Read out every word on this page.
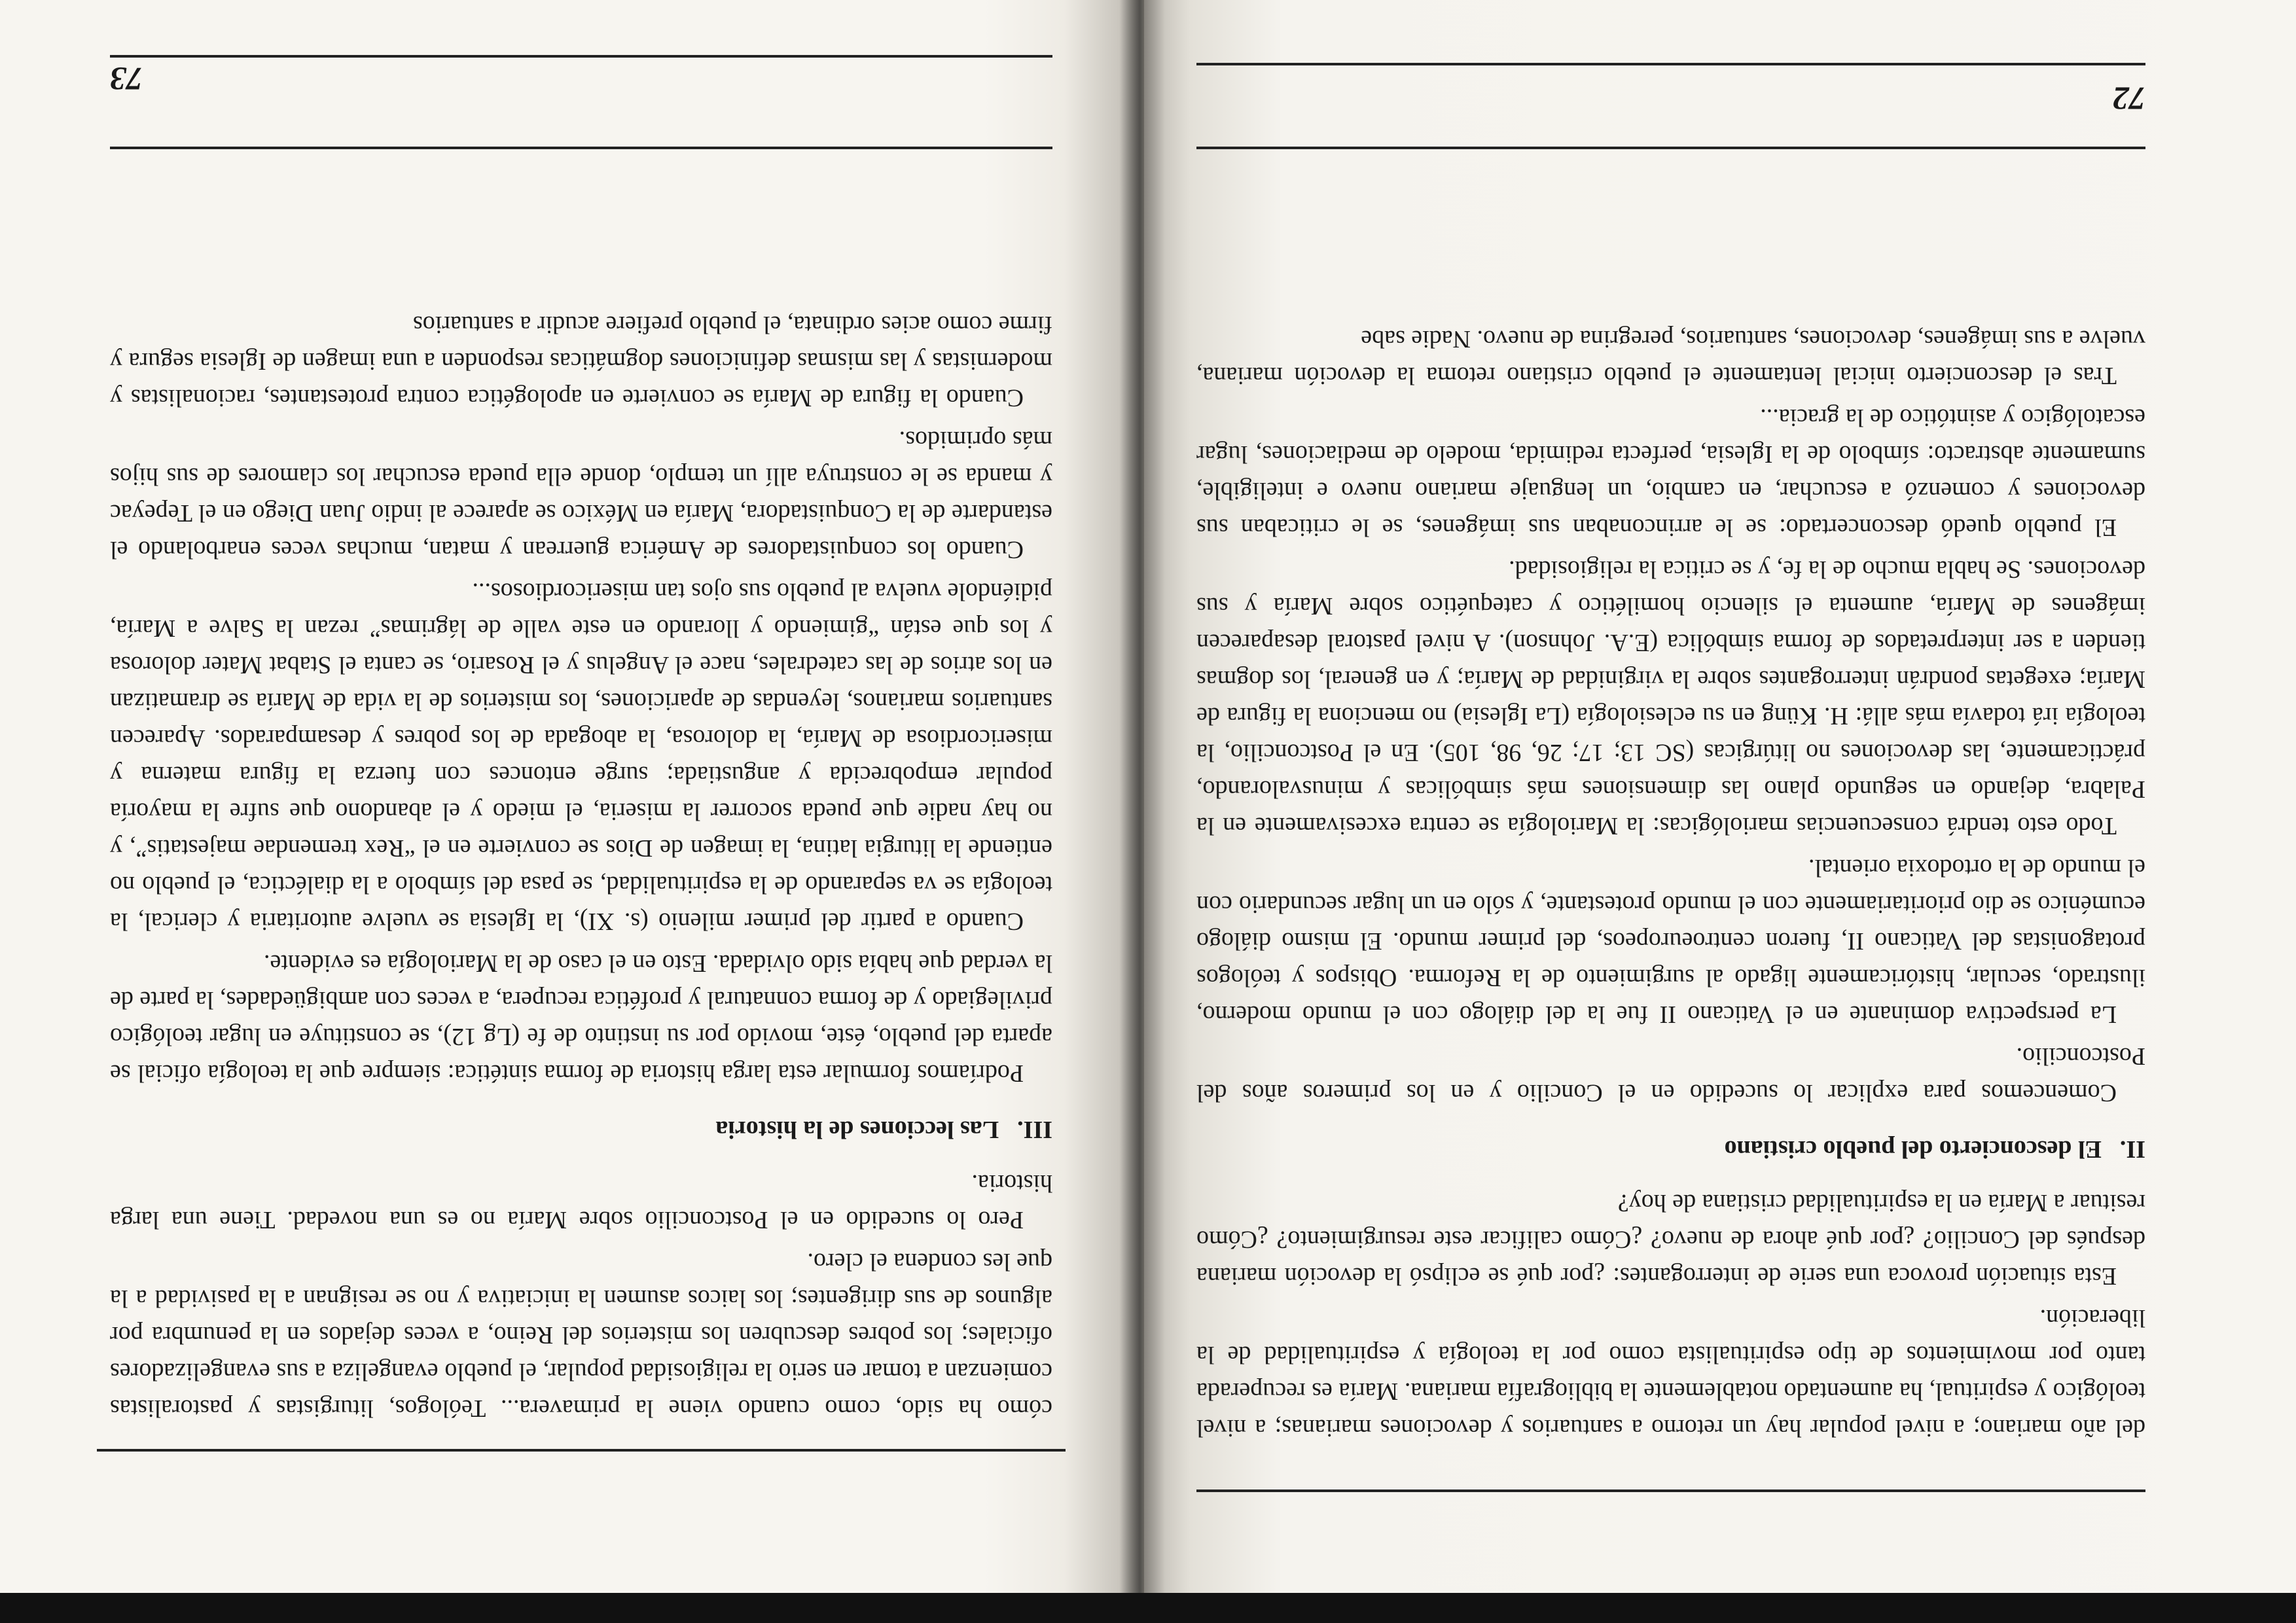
del año mariano; a nivel popular hay un retorno a santuarios y devociones marianas; a nivel teológico y espiritual, ha aumentado notablemente la bibliografía mariana. María es recuperada tanto por movimientos de tipo espiritualista como por la teología y espiritualidad de la liberación.

Esta situación provoca una serie de interrogantes: ¿por qué se eclipsó la devoción mariana después del Concilio? ¿por qué ahora de nuevo? ¿Cómo calificar este resurgimiento? ¿Cómo resituar a María en la espiritualidad cristiana de hoy?

II.El desconcierto del pueblo cristiano

Comencemos para explicar lo sucedido en el Concilio y en los primeros años del Postconcilio.

La perspectiva dominante en el Vaticano II fue la del diálogo con el mundo moderno, ilustrado, secular, históricamente ligado al surgimiento de la Reforma. Obispos y teólogos protagonistas del Vaticano II, fueron centroeuropeos, del primer mundo. El mismo diálogo ecuménico se dio prioritariamente con el mundo protestante, y sólo en un lugar secundario con el mundo de la ortodoxia oriental.

Todo esto tendrá consecuencias mariológicas: la Mariología se centra excesivamente en la Palabra, dejando en segundo plano las dimensiones más simbólicas y minusvalorando, prácticamente, las devociones no litúrgicas (SC 13; 17; 26, 98, 105). En el Postconcilio, la teología irá todavía más allá: H. Küng en su eclesiología (La Iglesia) no menciona la figura de María; exegetas pondrán interrogantes sobre la virginidad de María; y en general, los dogmas tienden a ser interpretados de forma simbólica (E.A. Johnson). A nivel pastoral desaparecen imágenes de María, aumenta el silencio homilético y catequético sobre María y sus devociones. Se habla mucho de la fe, y se critica la religiosidad.

El pueblo quedó desconcertado: se le arrinconaban sus imágenes, se le criticaban sus devociones y comenzó a escuchar, en cambio, un lenguaje mariano nuevo e inteligible, sumamente abstracto: símbolo de la Iglesia, perfecta redimida, modelo de mediaciones, lugar escatológico y asintótico de la gracia...

Tras el desconcierto inicial lentamente el pueblo cristiano retoma la devoción mariana, vuelve a sus imágenes, devociones, santuarios, peregrina de nuevo. Nadie sabe

72

cómo ha sido, como cuando viene la primavera... Teólogos, liturgistas y pastoralistas comienzan a tomar en serio la religiosidad popular, el pueblo evangeliza a sus evangelizadores oficiales; los pobres descubren los misterios del Reino, a veces dejados en la penumbra por algunos de sus dirigentes; los laicos asumen la iniciativa y no se resignan a la pasividad a la que les condena el clero.

Pero lo sucedido en el Postconcilio sobre María no es una novedad. Tiene una larga historia.

III.Las lecciones de la historia

Podríamos formular esta larga historia de forma sintética: siempre que la teología oficial se aparta del pueblo, éste, movido por su instinto de fe (Lg 12), se constituye en lugar teológico privilegiado y de forma connatural y profética recupera, a veces con ambigüedades, la parte de la verdad que había sido olvidada. Esto en el caso de la Mariología es evidente.

Cuando a partir del primer milenio (s. XI), la Iglesia se vuelve autoritaria y clerical, la teología se va separando de la espiritualidad, se pasa del símbolo a la dialéctica, el pueblo no entiende la liturgia latina, la imagen de Dios se convierte en el “Rex tremendae majestatis”, y no hay nadie que pueda socorrer la miseria, el miedo y el abandono que sufre la mayoría popular empobrecida y angustiada; surge entonces con fuerza la figura materna y misericordiosa de María, la dolorosa, la abogada de los pobres y desamparados. Aparecen santuarios marianos, leyendas de apariciones, los misterios de la vida de María se dramatizan en los atrios de las catedrales, nace el Angelus y el Rosario, se canta el Stabat Mater dolorosa y los que están “gimiendo y llorando en este valle de lágrimas” rezan la Salve a María, pidiéndole vuelva al pueblo sus ojos tan misericordiosos...

Cuando los conquistadores de América guerrean y matan, muchas veces enarbolando el estandarte de la Conquistadora, María en México se aparece al indio Juan Diego en el Tepeyac y manda se le construya allí un templo, donde ella pueda escuchar los clamores de sus hijos más oprimidos.

Cuando la figura de María se convierte en apologética contra protestantes, racionalistas y modernistas y las mismas definiciones dogmáticas responden a una imagen de Iglesia segura y firme como acies ordinata, el pueblo prefiere acudir a santuarios

73
